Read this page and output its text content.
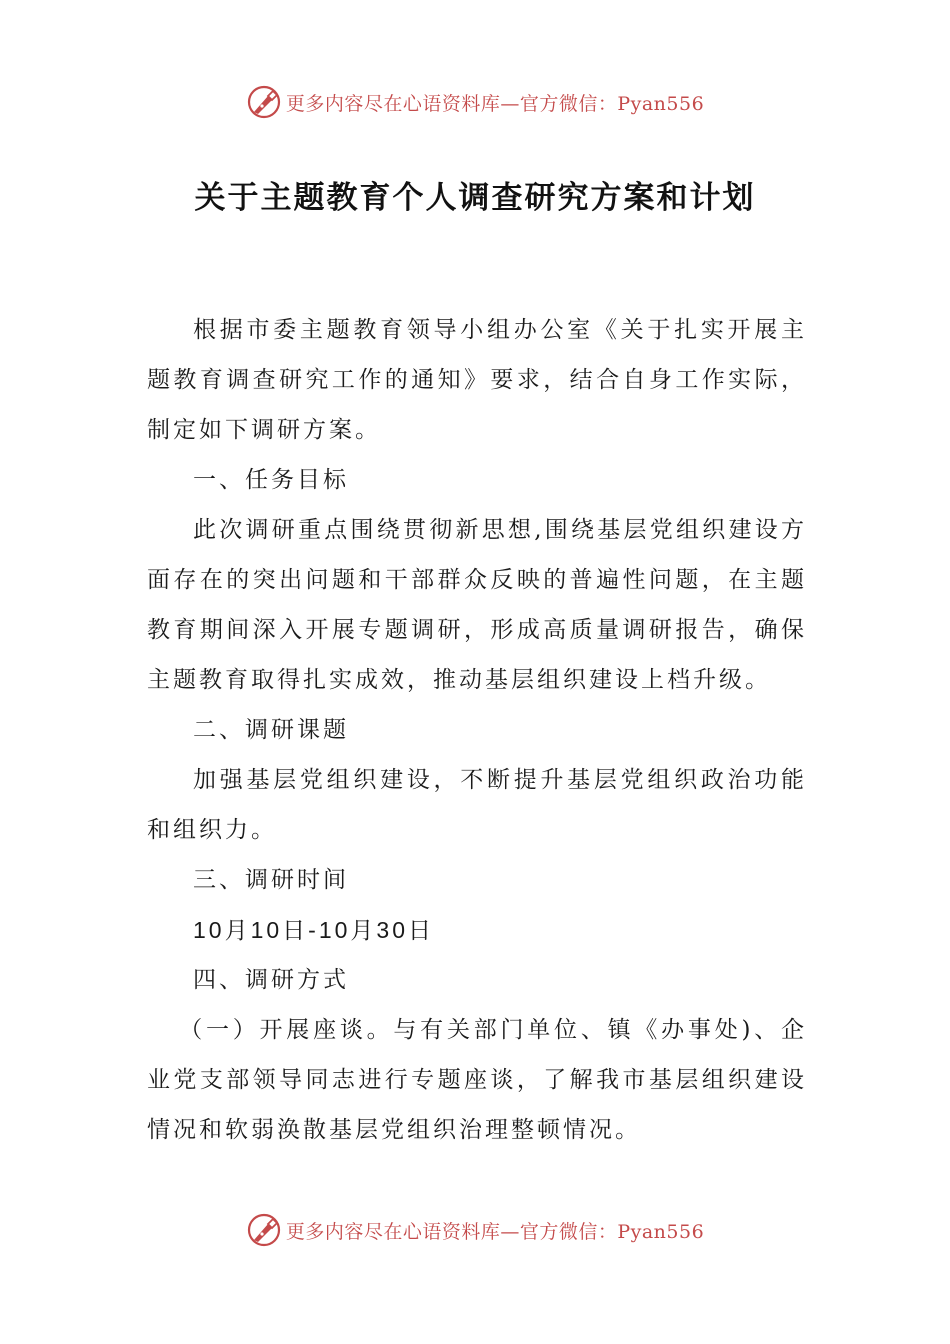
更多内容尽在心语资料库—官方微信：Pyan556
关于主题教育个人调查研究方案和计划

根据市委主题教育领导小组办公室《关于扎实开展主题教育调查研究工作的通知》要求，结合自身工作实际，制定如下调研方案。

一、任务目标

此次调研重点围绕贯彻新思想,围绕基层党组织建设方面存在的突出问题和干部群众反映的普遍性问题，在主题教育期间深入开展专题调研，形成高质量调研报告，确保主题教育取得扎实成效，推动基层组织建设上档升级。

二、调研课题

加强基层党组织建设，不断提升基层党组织政治功能和组织力。

三、调研时间

10月10日-10月30日

四、调研方式

（一）开展座谈。与有关部门单位、镇《办事处)、企业党支部领导同志进行专题座谈，了解我市基层组织建设情况和软弱涣散基层党组织治理整顿情况。

更多内容尽在心语资料库—官方微信：Pyan556
